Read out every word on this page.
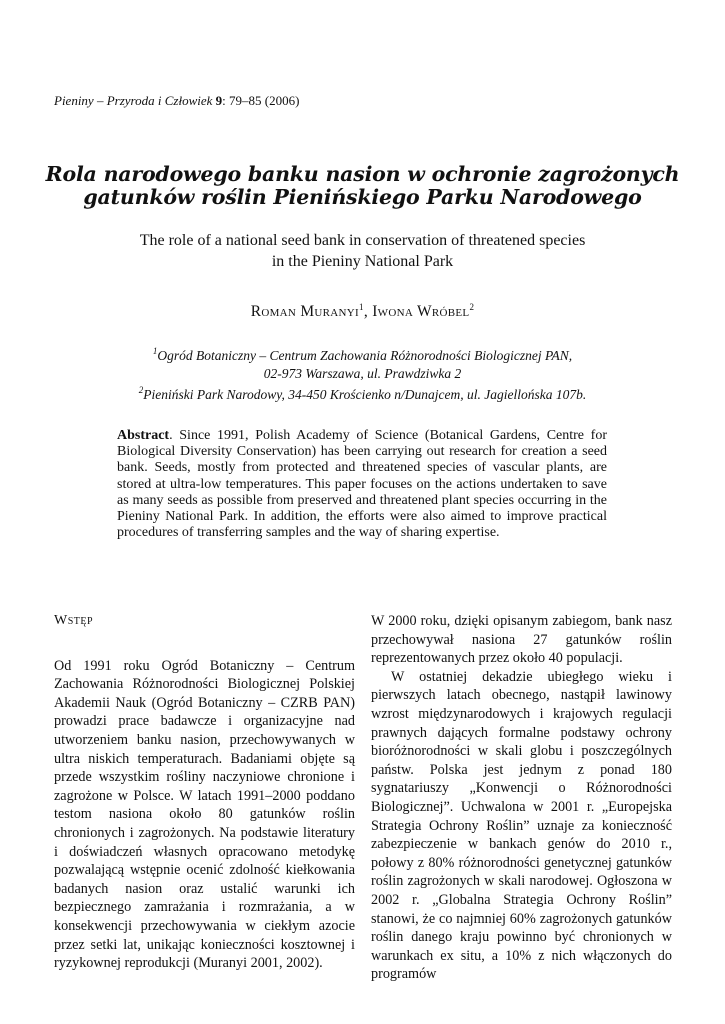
Pieniny – Przyroda i Człowiek 9: 79–85 (2006)
Rola narodowego banku nasion w ochronie zagrożonych
gatunków roślin Pienińskiego Parku Narodowego
The role of a national seed bank in conservation of threatened species
in the Pieniny National Park
Roman Muranyi$^1$, Iwona Wróbel$^2$
$^1$Ogród Botaniczny – Centrum Zachowania Różnorodności Biologicznej PAN,
02-973 Warszawa, ul. Prawdziwka 2
$^2$Pieniński Park Narodowy, 34-450 Krościenko n/Dunajcem, ul. Jagiellońska 107b.
Abstract. Since 1991, Polish Academy of Science (Botanical Gardens, Centre for Biological Diversity Conservation) has been carrying out research for creation a seed bank. Seeds, mostly from protected and threatened species of vascular plants, are stored at ultra-low temperatures. This paper focuses on the actions undertaken to save as many seeds as possible from preserved and threatened plant species occurring in the Pieniny National Park. In addition, the efforts were also aimed to improve practical procedures of transferring samples and the way of sharing expertise.
Wstęp

Od 1991 roku Ogród Botaniczny – Centrum Zachowania Różnorodności Biologicznej Polskiej Akademii Nauk (Ogród Botaniczny – CZRB PAN) prowadzi prace badawcze i organizacyjne nad utworzeniem banku nasion, przechowywanych w ultra niskich temperaturach. Badaniami objęte są przede wszystkim rośliny naczyniowe chronione i zagrożone w Polsce. W latach 1991–2000 poddano testom nasiona około 80 gatunków roślin chronionych i zagrożonych. Na podstawie literatury i doświadczeń własnych opracowano metodykę pozwalającą wstępnie ocenić zdolność kiełkowania badanych nasion oraz ustalić warunki ich bezpiecznego zamrażania i rozmrażania, a w konsekwencji przechowywania w ciekłym azocie przez setki lat, unikając konieczności kosztownej i ryzykownej reprodukcji (Muranyi 2001, 2002).

W 2000 roku, dzięki opisanym zabiegom, bank nasz przechowywał nasiona 27 gatunków roślin reprezentowanych przez około 40 populacji.

W ostatniej dekadzie ubiegłego wieku i pierwszych latach obecnego, nastąpił lawinowy wzrost międzynarodowych i krajowych regulacji prawnych dających formalne podstawy ochrony bioróżnorodności w skali globu i poszczególnych państw. Polska jest jednym z ponad 180 sygnatariuszy „Konwencji o Różnorodności Biologicznej”. Uchwalona w 2001 r. „Europejska Strategia Ochrony Roślin” uznaje za konieczność zabezpieczenie w bankach genów do 2010 r., połowy z 80% różnorodności genetycznej gatunków roślin zagrożonych w skali narodowej. Ogłoszona w 2002 r. „Globalna Strategia Ochrony Roślin” stanowi, że co najmniej 60% zagrożonych gatunków roślin danego kraju powinno być chronionych w warunkach ex situ, a 10% z nich włączonych do programów
